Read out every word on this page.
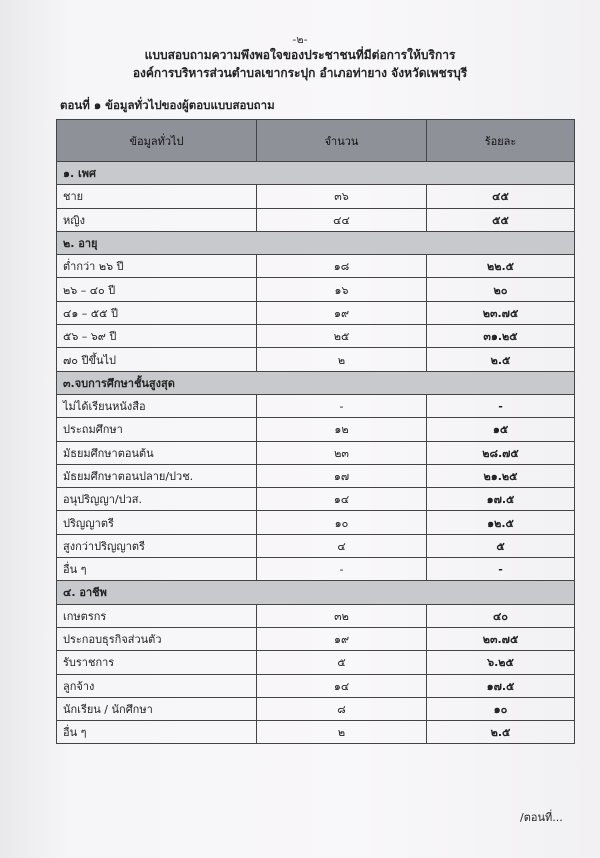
-๒-
แบบสอบถามความพึงพอใจของประชาชนที่มีต่อการให้บริการ
องค์การบริหารส่วนตำบลเขากระปุก อำเภอท่ายาง จังหวัดเพชรบุรี
ตอนที่ ๑ ข้อมูลทั่วไปของผู้ตอบแบบสอบถาม
ข้อมูลทั่วไป	จำนวน	ร้อยละ
๑. เพศ		
ชาย	๓๖	๔๕
หญิง	๔๔	๕๕
๒. อายุ		
ต่ำกว่า ๒๖ ปี	๑๘	๒๒.๕
๒๖ – ๔๐ ปี	๑๖	๒๐
๔๑ – ๕๕ ปี	๑๙	๒๓.๗๕
๕๖ – ๖๙ ปี	๒๕	๓๑.๒๕
๗๐ ปีขึ้นไป	๒	๒.๕
๓.จบการศึกษาชั้นสูงสุด		
ไม่ได้เรียนหนังสือ	-	-
ประถมศึกษา	๑๒	๑๕
มัธยมศึกษาตอนต้น	๒๓	๒๘.๗๕
มัธยมศึกษาตอนปลาย/ปวช.	๑๗	๒๑.๒๕
อนุปริญญา/ปวส.	๑๔	๑๗.๕
ปริญญาตรี	๑๐	๑๒.๕
สูงกว่าปริญญาตรี	๔	๕
อื่น ๆ	-	-
๔. อาชีพ		
เกษตรกร	๓๒	๔๐
ประกอบธุรกิจส่วนตัว	๑๙	๒๓.๗๕
รับราชการ	๕	๖.๒๕
ลูกจ้าง	๑๔	๑๗.๕
นักเรียน / นักศึกษา	๘	๑๐
อื่น ๆ	๒	๒.๕
/ตอนที่...
